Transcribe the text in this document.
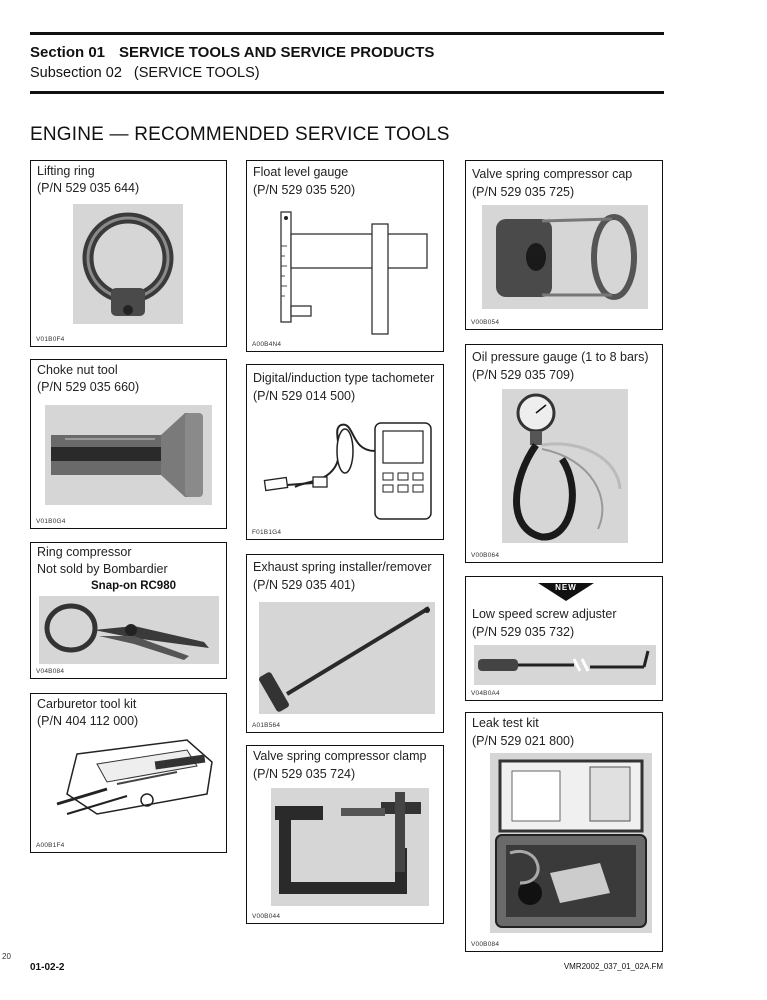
Section 01 SERVICE TOOLS AND SERVICE PRODUCTS
Subsection 02 (SERVICE TOOLS)
ENGINE — RECOMMENDED SERVICE TOOLS
Lifting ring
(P/N 529 035 644)
V01B0F4
Choke nut tool
(P/N 529 035 660)
V01B0G4
Ring compressor
Not sold by Bombardier
Snap-on RC980
V04B084
Carburetor tool kit
(P/N 404 112 000)
A00B1F4
Float level gauge
(P/N 529 035 520)
A00B4N4
Digital/induction type tachometer
(P/N 529 014 500)
F01B1G4
Exhaust spring installer/remover
(P/N 529 035 401)
A01B564
Valve spring compressor clamp
(P/N 529 035 724)
V00B044
Valve spring compressor cap
(P/N 529 035 725)
V00B054
Oil pressure gauge (1 to 8 bars)
(P/N 529 035 709)
V00B064
NEW
Low speed screw adjuster
(P/N 529 035 732)
V04B0A4
Leak test kit
(P/N 529 021 800)
V00B084
20
01-02-2	VMR2002_037_01_02A.FM
